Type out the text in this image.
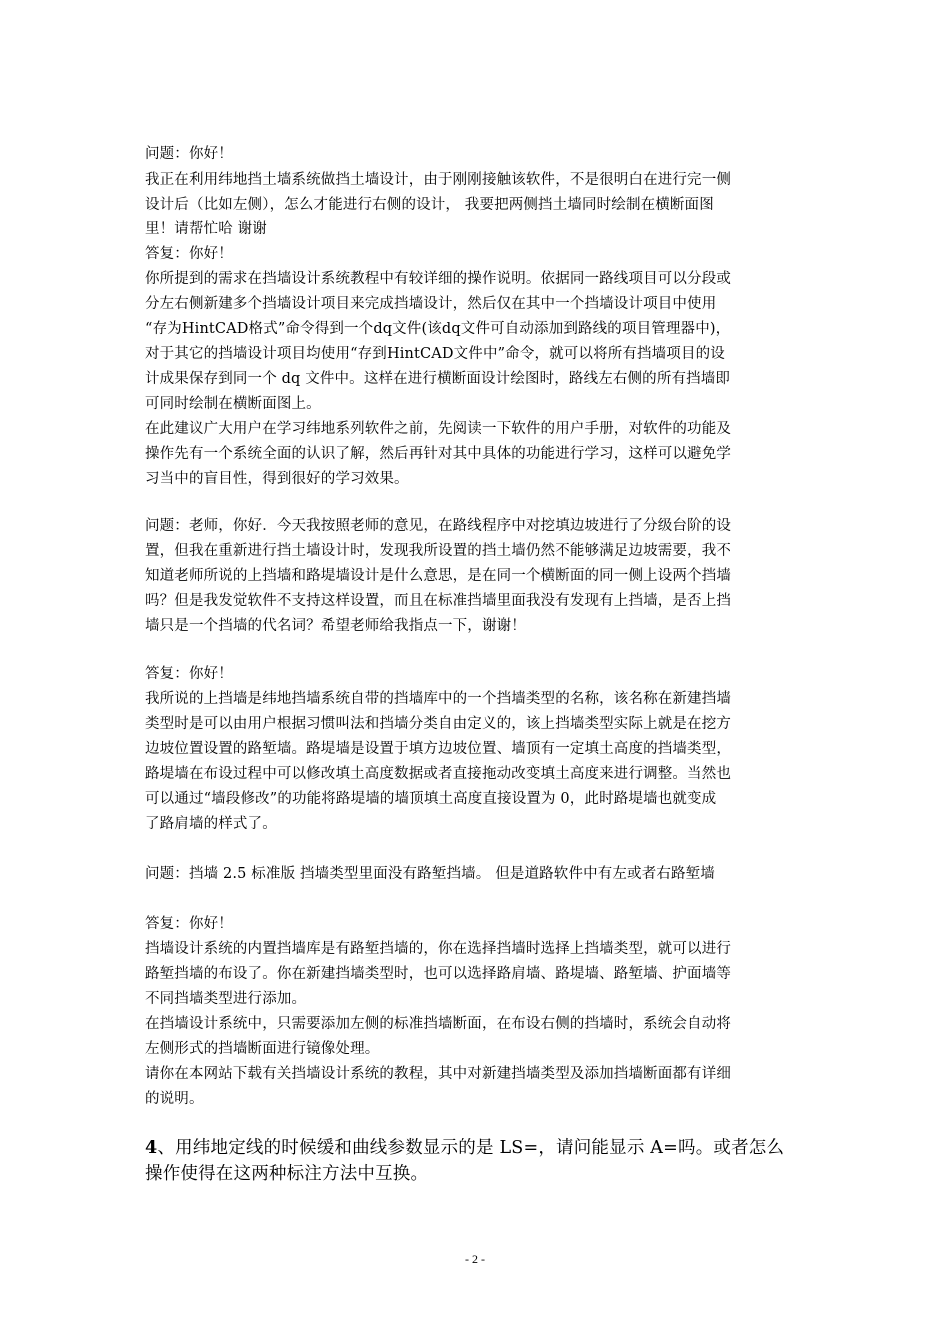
问题：你好！
我正在利用纬地挡土墙系统做挡土墙设计，由于刚刚接触该软件，不是很明白在进行完一侧
设计后（比如左侧），怎么才能进行右侧的设计， 我要把两侧挡土墙同时绘制在横断面图
里！请帮忙哈 谢谢
答复：你好！
你所提到的需求在挡墙设计系统教程中有较详细的操作说明。依据同一路线项目可以分段或
分左右侧新建多个挡墙设计项目来完成挡墙设计，然后仅在其中一个挡墙设计项目中使用
“存为HintCAD格式”命令得到一个dq文件(该dq文件可自动添加到路线的项目管理器中)，
对于其它的挡墙设计项目均使用“存到HintCAD文件中”命令，就可以将所有挡墙项目的设
计成果保存到同一个 dq 文件中。这样在进行横断面设计绘图时，路线左右侧的所有挡墙即
可同时绘制在横断面图上。
在此建议广大用户在学习纬地系列软件之前，先阅读一下软件的用户手册，对软件的功能及
操作先有一个系统全面的认识了解，然后再针对其中具体的功能进行学习，这样可以避免学
习当中的盲目性，得到很好的学习效果。
问题：老师，你好．今天我按照老师的意见，在路线程序中对挖填边坡进行了分级台阶的设
置，但我在重新进行挡土墙设计时，发现我所设置的挡土墙仍然不能够满足边坡需要，我不
知道老师所说的上挡墙和路堤墙设计是什么意思，是在同一个横断面的同一侧上设两个挡墙
吗？但是我发觉软件不支持这样设置，而且在标准挡墙里面我没有发现有上挡墙，是否上挡
墙只是一个挡墙的代名词？希望老师给我指点一下，谢谢！
答复：你好！
我所说的上挡墙是纬地挡墙系统自带的挡墙库中的一个挡墙类型的名称，该名称在新建挡墙
类型时是可以由用户根据习惯叫法和挡墙分类自由定义的，该上挡墙类型实际上就是在挖方
边坡位置设置的路堑墙。路堤墙是设置于填方边坡位置、墙顶有一定填土高度的挡墙类型，
路堤墙在布设过程中可以修改填土高度数据或者直接拖动改变填土高度来进行调整。当然也
可以通过“墙段修改”的功能将路堤墙的墙顶填土高度直接设置为 0，此时路堤墙也就变成
了路肩墙的样式了。
问题：挡墙 2.5 标准版 挡墙类型里面没有路堑挡墙。 但是道路软件中有左或者右路堑墙
答复：你好！
挡墙设计系统的内置挡墙库是有路堑挡墙的，你在选择挡墙时选择上挡墙类型，就可以进行
路堑挡墙的布设了。你在新建挡墙类型时，也可以选择路肩墙、路堤墙、路堑墙、护面墙等
不同挡墙类型进行添加。
在挡墙设计系统中，只需要添加左侧的标准挡墙断面，在布设右侧的挡墙时，系统会自动将
左侧形式的挡墙断面进行镜像处理。
请你在本网站下载有关挡墙设计系统的教程，其中对新建挡墙类型及添加挡墙断面都有详细
的说明。
4、用纬地定线的时候缓和曲线参数显示的是 LS=，请问能显示 A=吗。或者怎么
操作使得在这两种标注方法中互换。
- 2 -
